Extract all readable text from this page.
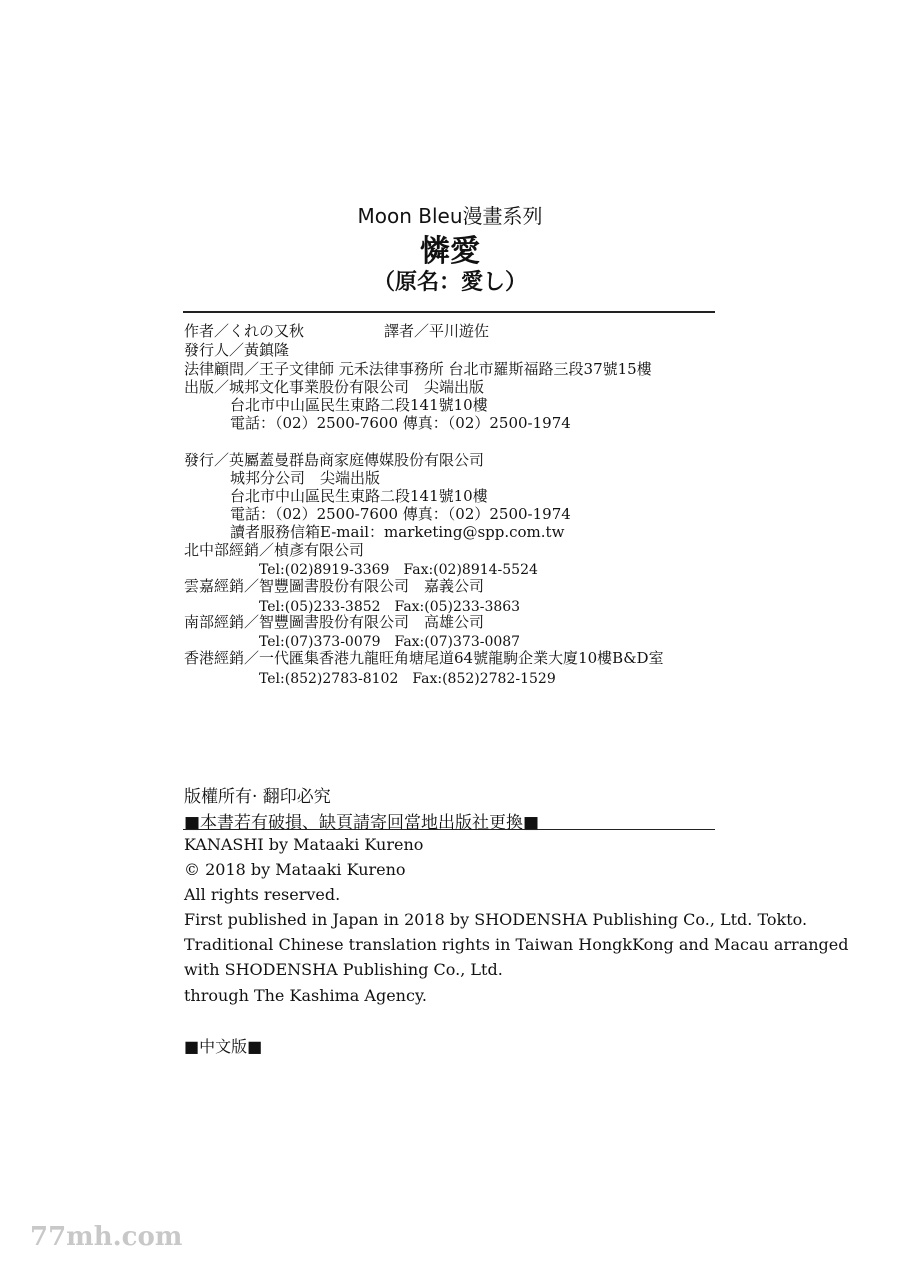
Moon Bleu漫畫系列
憐愛
（原名：愛し）
作者／くれの又秋	譯者／平川遊佐
發行人／黃鎮隆
法律顧問／王子文律師 元禾法律事務所 台北市羅斯福路三段37號15樓
出版／城邦文化事業股份有限公司　尖端出版
台北市中山區民生東路二段141號10樓
電話：（02）2500-7600 傳真：（02）2500-1974
發行／英屬蓋曼群島商家庭傳媒股份有限公司
城邦分公司　尖端出版
台北市中山區民生東路二段141號10樓
電話：（02）2500-7600 傳真：（02）2500-1974
讀者服務信箱E-mail：marketing@spp.com.tw
北中部經銷／楨彥有限公司
Tel:(02)8919-3369　Fax:(02)8914-5524
雲嘉經銷／智豐圖書股份有限公司　嘉義公司
Tel:(05)233-3852　Fax:(05)233-3863
南部經銷／智豐圖書股份有限公司　高雄公司
Tel:(07)373-0079　Fax:(07)373-0087
香港經銷／一代匯集香港九龍旺角塘尾道64號龍駒企業大廈10樓B&D室
Tel:(852)2783-8102　Fax:(852)2782-1529
版權所有· 翻印必究
■本書若有破損、缺頁請寄回當地出版社更換■
KANASHI by Mataaki Kureno
© 2018 by Mataaki Kureno
All rights reserved.
First published in Japan in 2018 by SHODENSHA Publishing Co., Ltd. Tokto.
Traditional Chinese translation rights in Taiwan HongkKong and Macau arranged
with SHODENSHA Publishing Co., Ltd.
through The Kashima Agency.
■中文版■
77mh.com
